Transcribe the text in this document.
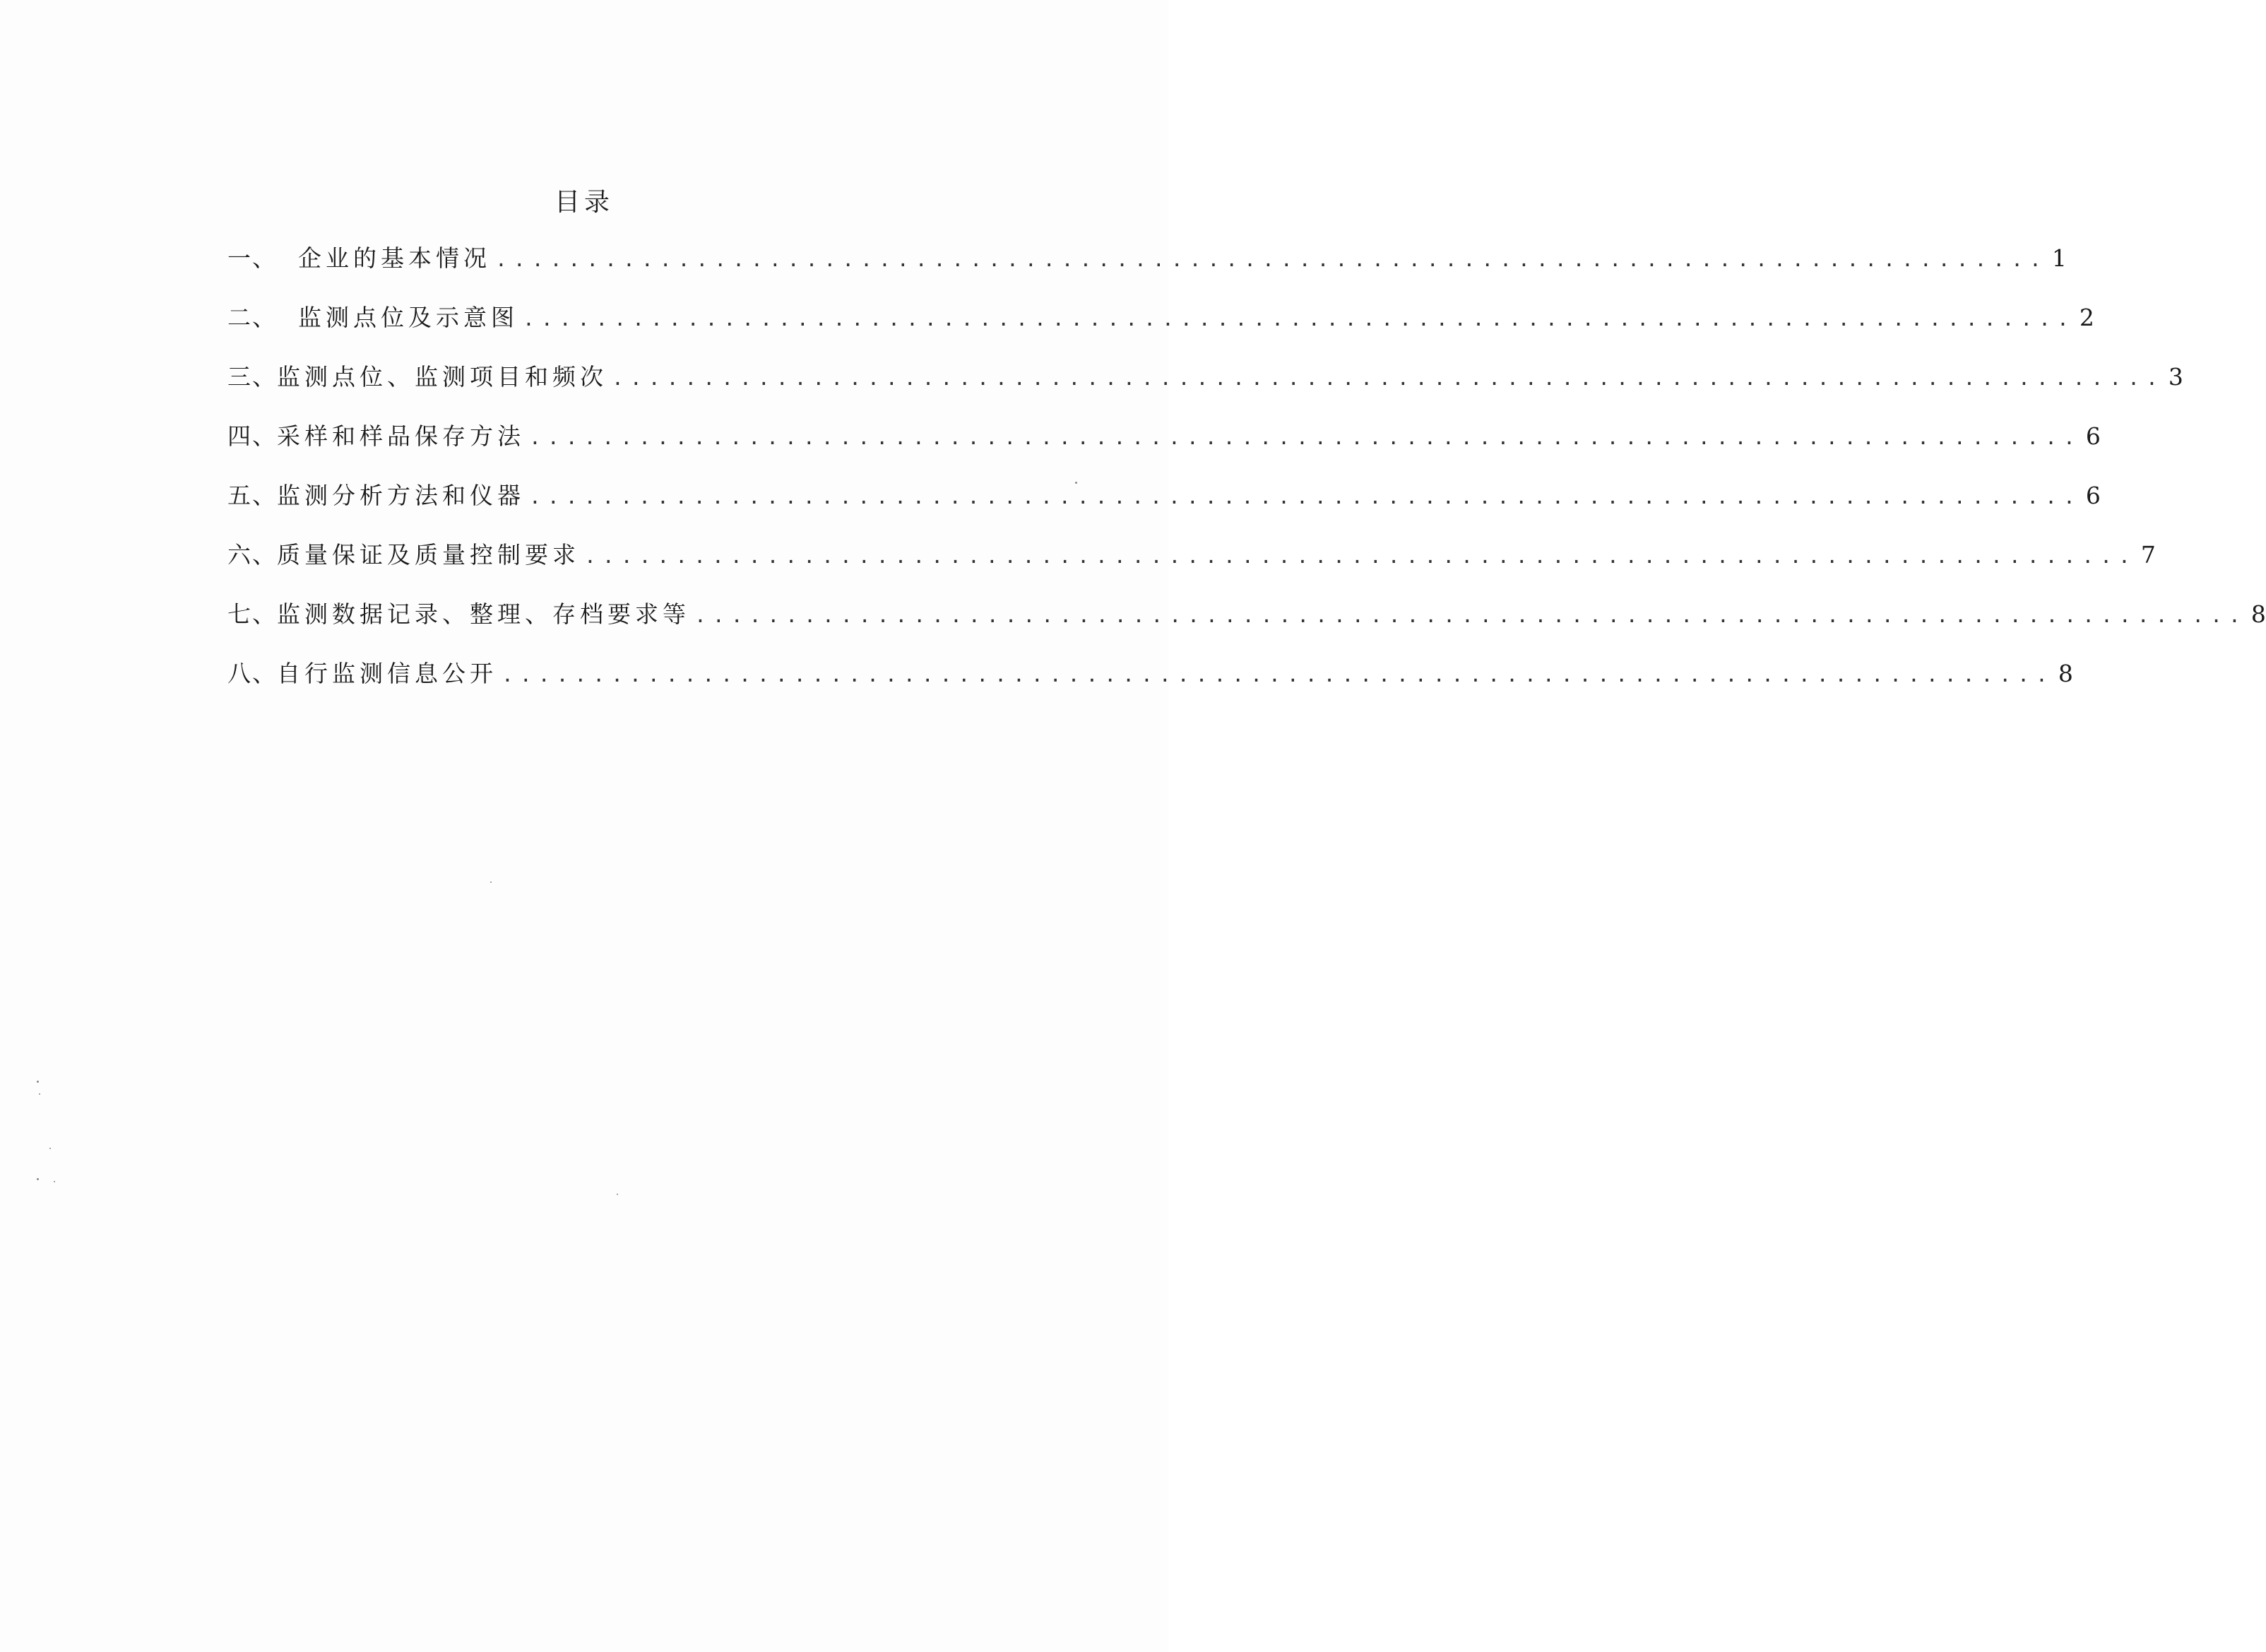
目录
一、 企业的基本情况 ..................................................................................... 1
二、 监测点位及示意图 ..................................................................................... 2
三、 监测点位、监测项目和频次 ..................................................................................... 3
四、 采样和样品保存方法 ..................................................................................... 6
五、 监测分析方法和仪器 ..................................................................................... 6
六、 质量保证及质量控制要求 ..................................................................................... 7
七、 监测数据记录、整理、存档要求等 ..................................................................................... 8
八、 自行监测信息公开 ..................................................................................... 8
